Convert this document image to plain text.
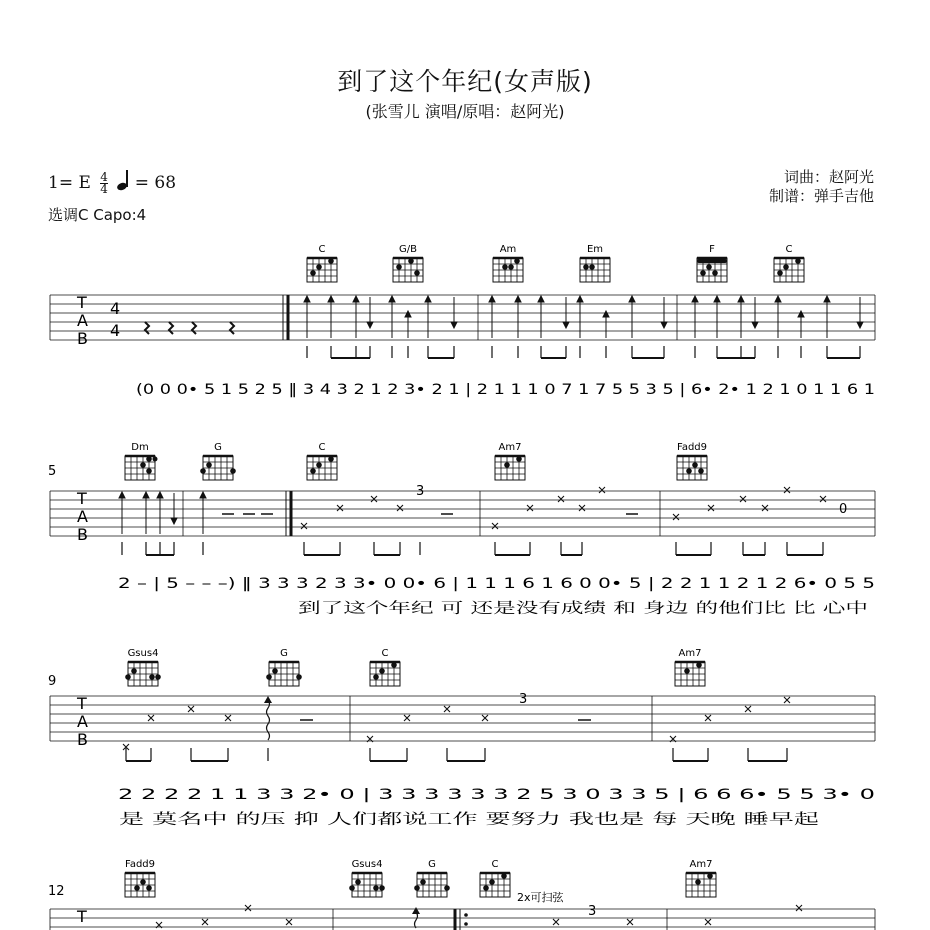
到了这个年纪(女声版)
(张雪儿 演唱/原唱：赵阿光)
1= E $\frac{4}{4}$
= 68
选调C Capo:4
词曲：赵阿光
制谱：弹手吉他
C	G/B	Am	Em	F	C
T
A
B
4
4
(0 0 0• 5 1 5 2 5 ‖ 3 4 3 2 1 2 3• 2 1 | 2 1 1 1 0 7 1 7 5 5 3 5 | 6• 2• 1 2 1 0 1 1 6 1
5
Dm	G	C	Am7	Fadd9
T
A
B
3
0
2 – | 5 – – –) ‖ 3 3 3 2 3 3• 0 0• 6 | 1 1 1 6 1 6 0 0• 5 | 2 2 1 1 2 1 2 6• 0 5 5
到了这个年纪 可 还是没有成绩 和 身边 的他们比 比 心中
9
Gsus4	G	C	Am7
T
A
B
3
2 2 2 2 1 1 3 3 2• 0 | 3 3 3 3 3 3 2 5 3 0 3 3 5 | 6 6 6• 5 5 3• 0
是 莫名中 的压 抑 人们都说工作 要努力 我也是 每 天晚 睡早起
12
Fadd9	Gsus4	G	C
2x可扫弦
Am7
T	3
